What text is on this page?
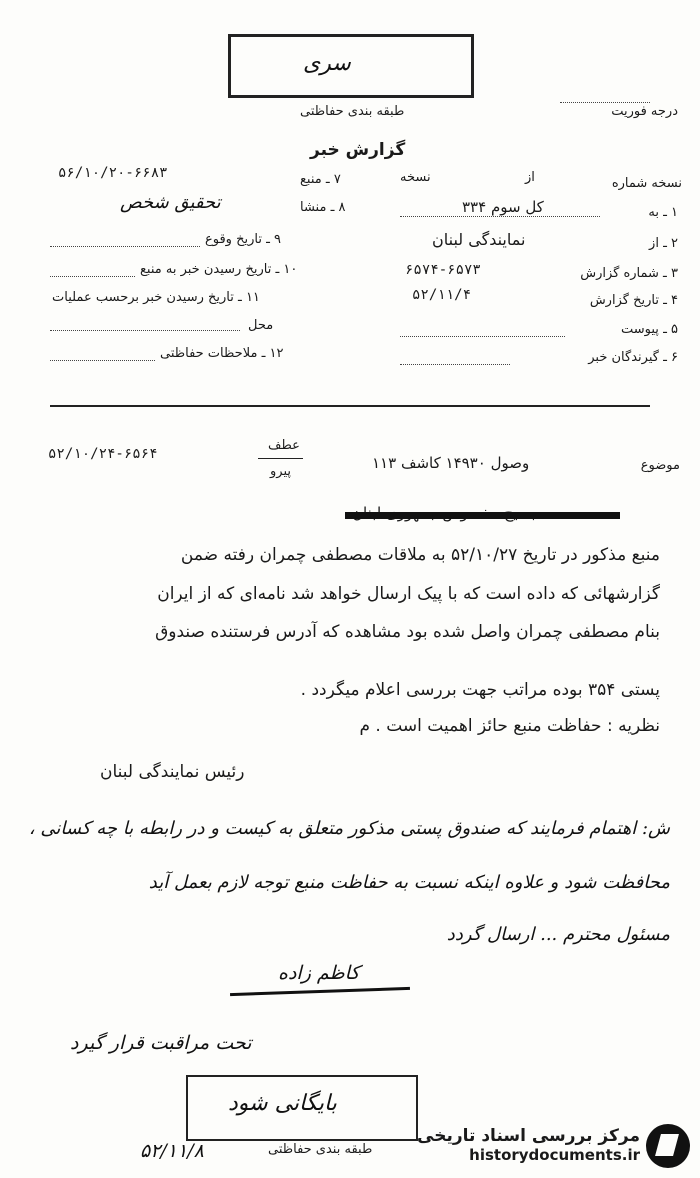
سری
طبقه بندی حفاظتی	درجه فوریت
گزارش خبر
نسخه شماره
از
نسخه
۱ ـ به
کل سوم ۳۳۴
۲ ـ از
نمایندگی لبنان
۳ ـ شماره گزارش
۶۵۷۴-۶۵۷۳
۴ ـ تاریخ گزارش
۵۲/۱۱/۴
۵ ـ پیوست
۶ ـ گیرندگان خبر
۷ ـ منبع
۵۶/۱۰/۲۰-۶۶۸۳
۸ ـ منشا
تحقیق شخص
۹ ـ تاریخ وقوع
۱۰ ـ تاریخ رسیدن خبر به منبع
۱۱ ـ تاریخ رسیدن خبر برحسب عملیات
محل
۱۲ ـ ملاحظات حفاظتی
موضوع
وصول ۱۴۹۳۰ کاشف ۱۱۳
عطف
پیرو
۵۲/۱۰/۲۴-۶۵۶۴
منبع مذکور در تاریخ ۵۲/۱۰/۲۷ به ملاقات مصطفی چمران رفته ضمن
گزارشهائی که داده است که با پیک ارسال خواهد شد نامه‌ای که از ایران
بنام مصطفی چمران واصل شده بود مشاهده که آدرس فرستنده صندوق
پستی ۳۵۴ بوده مراتب جهت بررسی اعلام میگردد .
نظریه : حفاظت منبع حائز اهمیت است . م
رئیس نمایندگی لبنان
ش: اهتمام فرمایند که صندوق پستی مذکور متعلق به کیست و در رابطه با چه کسانی ،
محافظت شود و علاوه اینکه نسبت به حفاظت منبع توجه لازم بعمل آید
مسئول محترم ... ارسال گردد
کاظم زاده
تحت مراقبت قرار گیرد
بایگانی شود
طبقه بندی حفاظتی
۵۲/۱۱/۸
مرکز بررسی اسناد تاریخی
historydocuments.ir
